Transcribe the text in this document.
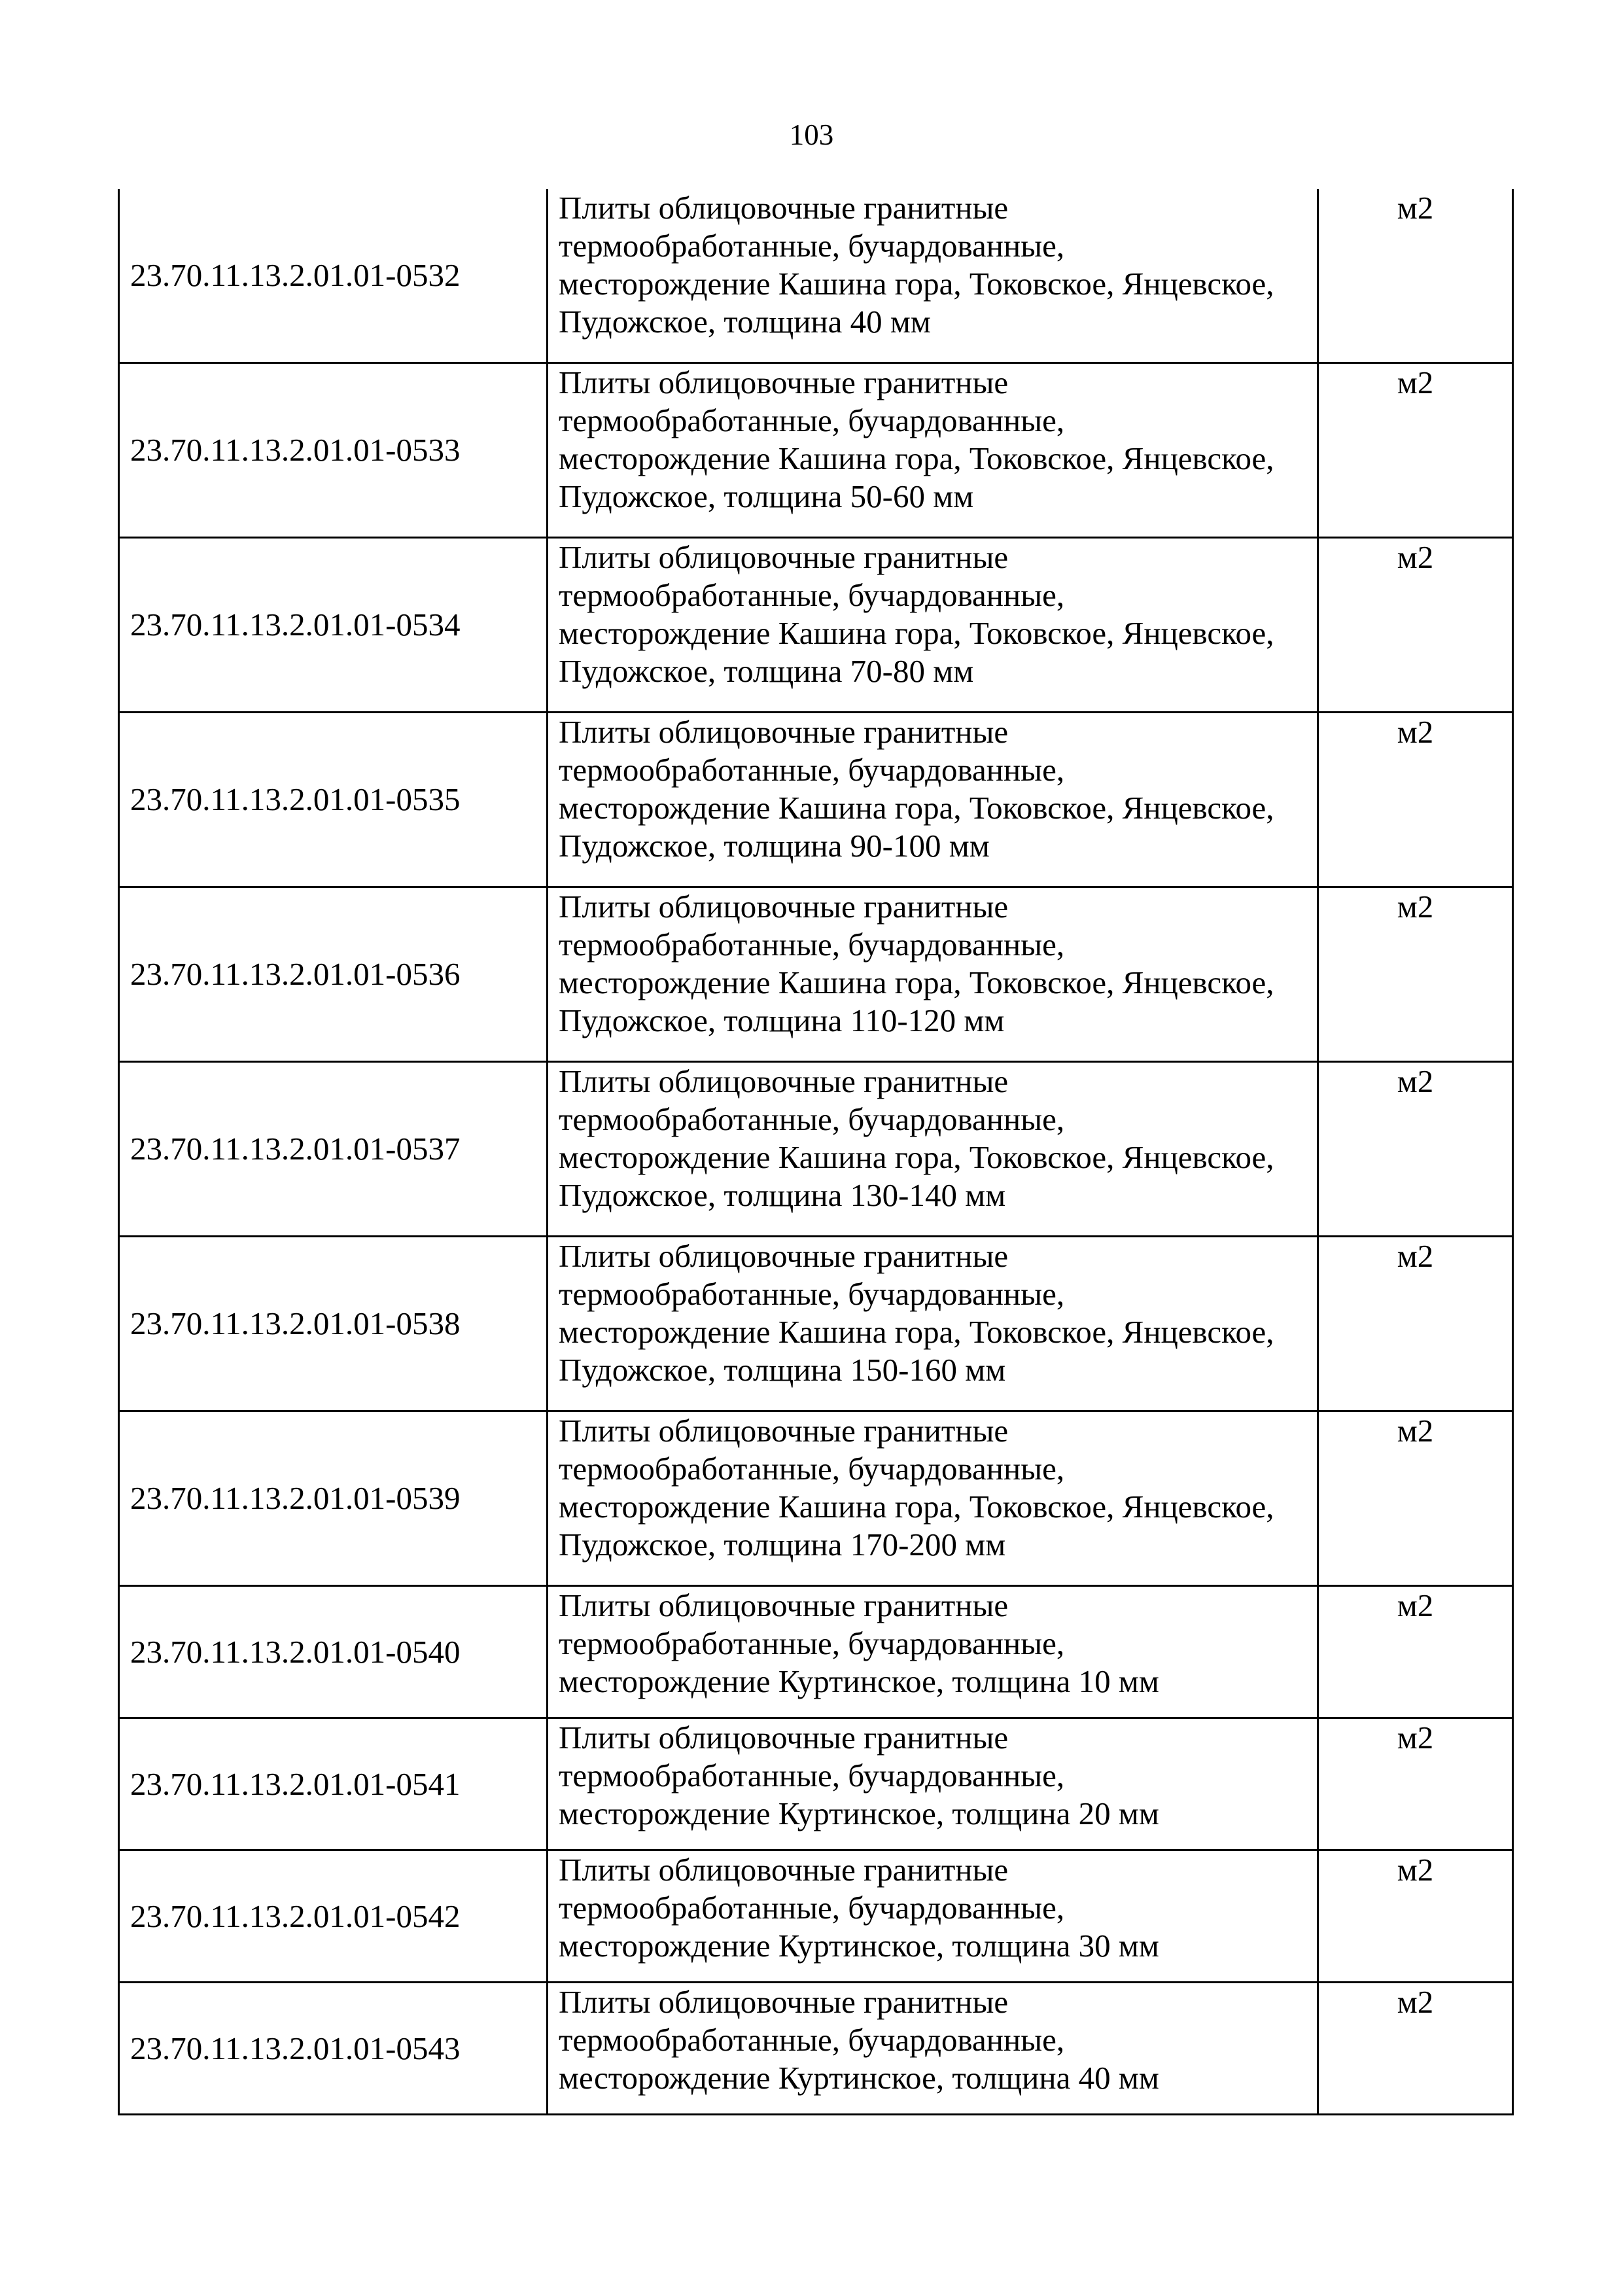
103
23.70.11.13.2.01.01-0532	Плиты облицовочные гранитные
термообработанные, бучардованные,
месторождение Кашина гора, Токовское, Янцевское,
Пудожское, толщина 40 мм	м2
23.70.11.13.2.01.01-0533	Плиты облицовочные гранитные
термообработанные, бучардованные,
месторождение Кашина гора, Токовское, Янцевское,
Пудожское, толщина 50-60 мм	м2
23.70.11.13.2.01.01-0534	Плиты облицовочные гранитные
термообработанные, бучардованные,
месторождение Кашина гора, Токовское, Янцевское,
Пудожское, толщина 70-80 мм	м2
23.70.11.13.2.01.01-0535	Плиты облицовочные гранитные
термообработанные, бучардованные,
месторождение Кашина гора, Токовское, Янцевское,
Пудожское, толщина 90-100 мм	м2
23.70.11.13.2.01.01-0536	Плиты облицовочные гранитные
термообработанные, бучардованные,
месторождение Кашина гора, Токовское, Янцевское,
Пудожское, толщина 110-120 мм	м2
23.70.11.13.2.01.01-0537	Плиты облицовочные гранитные
термообработанные, бучардованные,
месторождение Кашина гора, Токовское, Янцевское,
Пудожское, толщина 130-140 мм	м2
23.70.11.13.2.01.01-0538	Плиты облицовочные гранитные
термообработанные, бучардованные,
месторождение Кашина гора, Токовское, Янцевское,
Пудожское, толщина 150-160 мм	м2
23.70.11.13.2.01.01-0539	Плиты облицовочные гранитные
термообработанные, бучардованные,
месторождение Кашина гора, Токовское, Янцевское,
Пудожское, толщина 170-200 мм	м2
23.70.11.13.2.01.01-0540	Плиты облицовочные гранитные
термообработанные, бучардованные,
месторождение Куртинское, толщина 10 мм	м2
23.70.11.13.2.01.01-0541	Плиты облицовочные гранитные
термообработанные, бучардованные,
месторождение Куртинское, толщина 20 мм	м2
23.70.11.13.2.01.01-0542	Плиты облицовочные гранитные
термообработанные, бучардованные,
месторождение Куртинское, толщина 30 мм	м2
23.70.11.13.2.01.01-0543	Плиты облицовочные гранитные
термообработанные, бучардованные,
месторождение Куртинское, толщина 40 мм	м2
